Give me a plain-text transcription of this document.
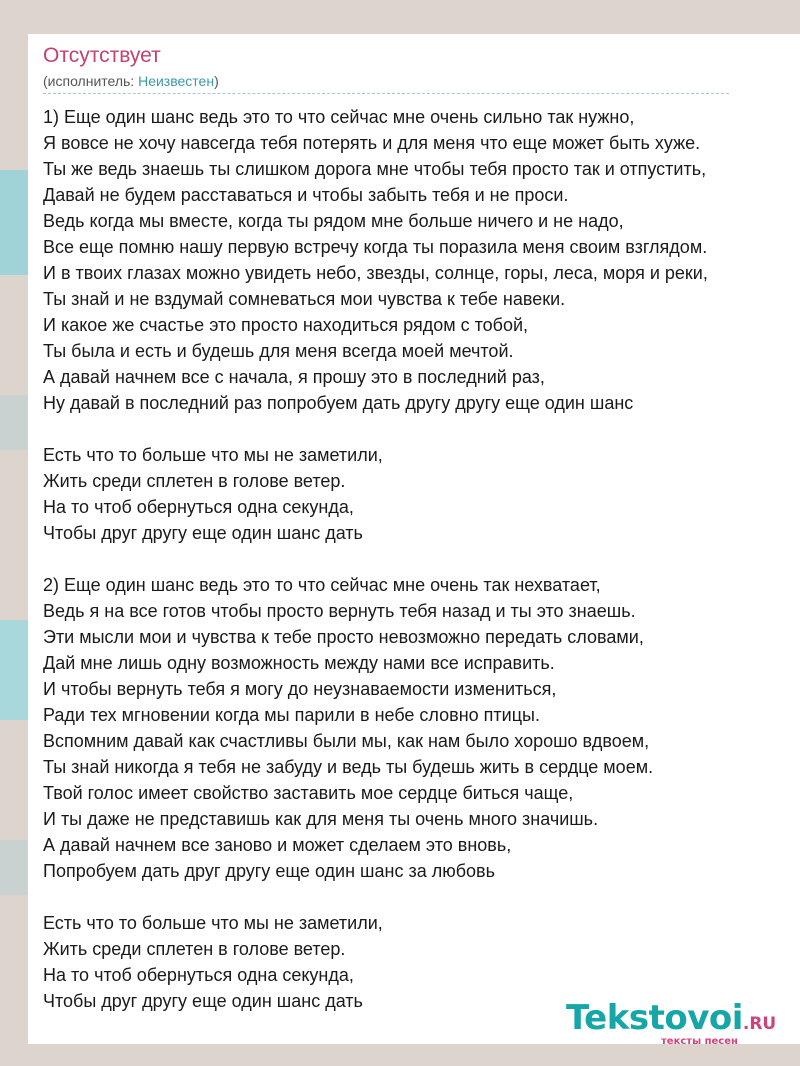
Отсутствует
(исполнитель: Неизвестен)
1) Еще один шанс ведь это то что сейчас мне очень сильно так нужно,
Я вовсе не хочу навсегда тебя потерять и для меня что еще может быть хуже.
Ты же ведь знаешь ты слишком дорога мне чтобы тебя просто так и отпустить,
Давай не будем расставаться и чтобы забыть тебя и не проси.
Ведь когда мы вместе, когда ты рядом мне больше ничего и не надо,
Все еще помню нашу первую встречу когда ты поразила меня своим взглядом.
И в твоих глазах можно увидеть небо, звезды, солнце, горы, леса, моря и реки,
Ты знай и не вздумай сомневаться мои чувства к тебе навеки.
И какое же счастье это просто находиться рядом с тобой,
Ты была и есть и будешь для меня всегда моей мечтой.
А давай начнем все с начала, я прошу это в последний раз,
Ну давай в последний раз попробуем дать другу другу еще один шанс
Есть что то больше что мы не заметили,
Жить среди сплетен в голове ветер.
На то чтоб обернуться одна секунда,
Чтобы друг другу еще один шанс дать
2) Еще один шанс ведь это то что сейчас мне очень так нехватает,
Ведь я на все готов чтобы просто вернуть тебя назад и ты это знаешь.
Эти мысли мои и чувства к тебе просто невозможно передать словами,
Дай мне лишь одну возможность между нами все исправить.
И чтобы вернуть тебя я могу до неузнаваемости измениться,
Ради тех мгновении когда мы парили в небе словно птицы.
Вспомним давай как счастливы были мы, как нам было хорошо вдвоем,
Ты знай никогда я тебя не забуду и ведь ты будешь жить в сердце моем.
Твой голос имеет свойство заставить мое сердце биться чаще,
И ты даже не представишь как для меня ты очень много значишь.
А давай начнем все заново и может сделаем это вновь,
Попробуем дать друг другу еще один шанс за любовь
Есть что то больше что мы не заметили,
Жить среди сплетен в голове ветер.
На то чтоб обернуться одна секунда,
Чтобы друг другу еще один шанс дать	Tekstovoi.RU
тексты песен
